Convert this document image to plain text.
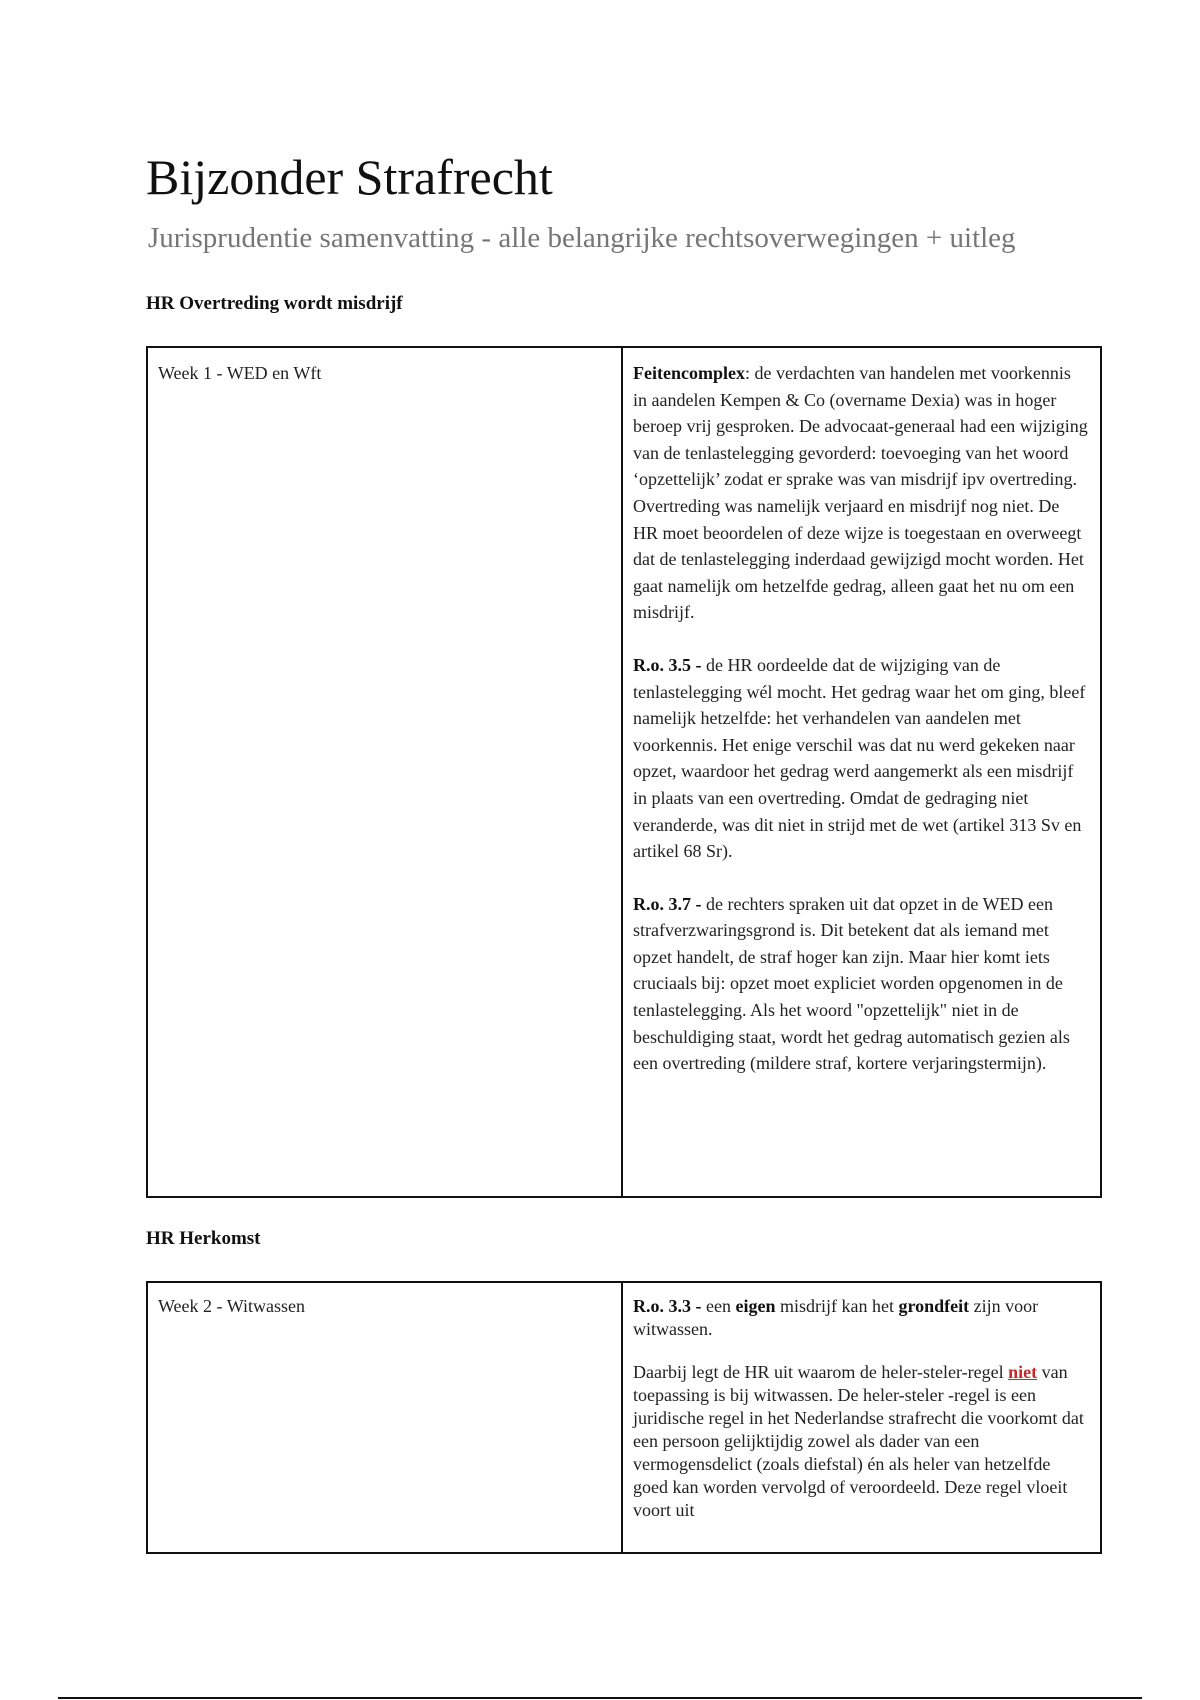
Bijzonder Strafrecht
Jurisprudentie samenvatting - alle belangrijke rechtsoverwegingen + uitleg
HR Overtreding wordt misdrijf
Week 1 - WED en Wft	Feitencomplex: de verdachten van handelen met voorkennis in aandelen Kempen & Co (overname Dexia) was in hoger beroep vrij gesproken. De advocaat-generaal had een wijziging van de tenlastelegging gevorderd: toevoeging van het woord ‘opzettelijk’ zodat er sprake was van misdrijf ipv overtreding. Overtreding was namelijk verjaard en misdrijf nog niet. De HR moet beoordelen of deze wijze is toegestaan en overweegt dat de tenlastelegging inderdaad gewijzigd mocht worden. Het gaat namelijk om hetzelfde gedrag, alleen gaat het nu om een misdrijf.

R.o. 3.5 - de HR oordeelde dat de wijziging van de tenlastelegging wél mocht. Het gedrag waar het om ging, bleef namelijk hetzelfde: het verhandelen van aandelen met voorkennis. Het enige verschil was dat nu werd gekeken naar opzet, waardoor het gedrag werd aangemerkt als een misdrijf in plaats van een overtreding. Omdat de gedraging niet veranderde, was dit niet in strijd met de wet (artikel 313 Sv en artikel 68 Sr).

R.o. 3.7 - de rechters spraken uit dat opzet in de WED een strafverzwaringsgrond is. Dit betekent dat als iemand met opzet handelt, de straf hoger kan zijn. Maar hier komt iets cruciaals bij: opzet moet expliciet worden opgenomen in de tenlastelegging. Als het woord "opzettelijk" niet in de beschuldiging staat, wordt het gedrag automatisch gezien als een overtreding (mildere straf, kortere verjaringstermijn).

HR Herkomst
Week 2 - Witwassen	R.o. 3.3 - een eigen misdrijf kan het grondfeit zijn voor witwassen.

Daarbij legt de HR uit waarom de heler-steler-regel niet van toepassing is bij witwassen. De heler-steler -regel is een juridische regel in het Nederlandse strafrecht die voorkomt dat een persoon gelijktijdig zowel als dader van een vermogensdelict (zoals diefstal) én als heler van hetzelfde goed kan worden vervolgd of veroordeeld. Deze regel vloeit voort uit
